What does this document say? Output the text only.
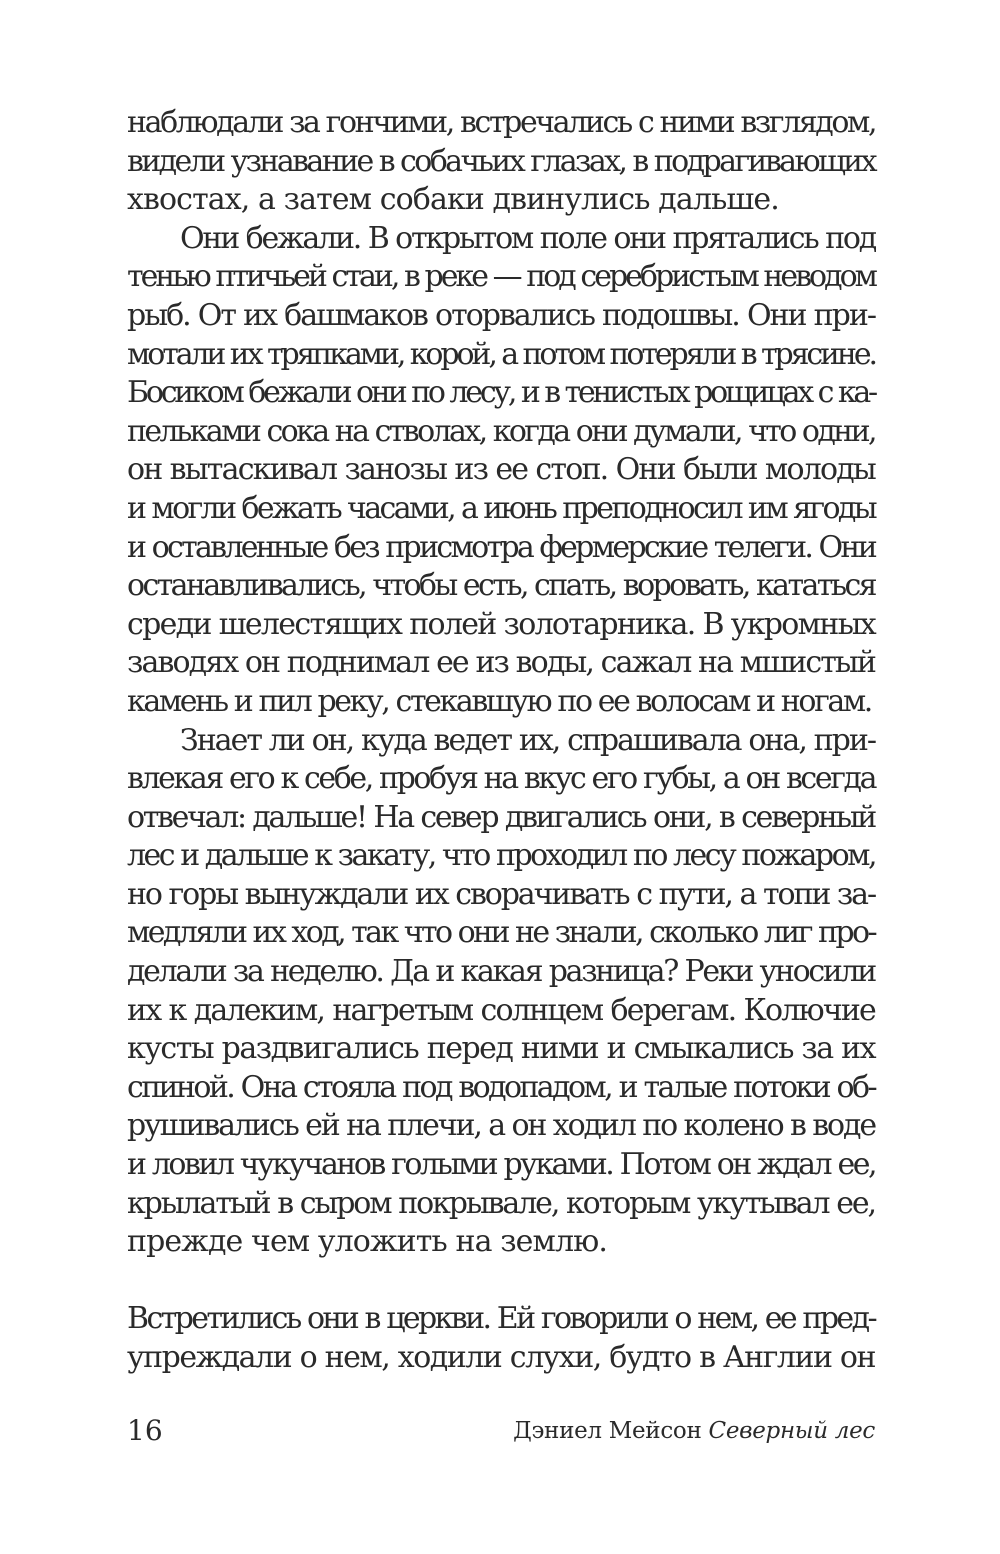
наблюдали за гончими, встречались с ними взглядом,
видели узнавание в собачьих глазах, в подрагивающих
хвостах, а затем собаки двинулись дальше.
Они бежали. В открытом поле они прятались под
тенью птичьей стаи, в реке — под серебристым неводом
рыб. От их башмаков оторвались подошвы. Они при-
мотали их тряпками, корой, а потом потеряли в трясине.
Босиком бежали они по лесу, и в тенистых рощицах с ка-
пельками сока на стволах, когда они думали, что одни,
он вытаскивал занозы из ее стоп. Они были молоды
и могли бежать часами, а июнь преподносил им ягоды
и оставленные без присмотра фермерские телеги. Они
останавливались, чтобы есть, спать, воровать, кататься
среди шелестящих полей золотарника. В укромных
заводях он поднимал ее из воды, сажал на мшистый
камень и пил реку, стекавшую по ее волосам и ногам.
Знает ли он, куда ведет их, спрашивала она, при-
влекая его к себе, пробуя на вкус его губы, а он всегда
отвечал: дальше! На север двигались они, в северный
лес и дальше к закату, что проходил по лесу пожаром,
но горы вынуждали их сворачивать с пути, а топи за-
медляли их ход, так что они не знали, сколько лиг про-
делали за неделю. Да и какая разница? Реки уносили
их к далеким, нагретым солнцем берегам. Колючие
кусты раздвигались перед ними и смыкались за их
спиной. Она стояла под водопадом, и талые потоки об-
рушивались ей на плечи, а он ходил по колено в воде
и ловил чукучанов голыми руками. Потом он ждал ее,
крылатый в сыром покрывале, которым укутывал ее,
прежде чем уложить на землю.
Встретились они в церкви. Ей говорили о нем, ее пред-
упреждали о нем, ходили слухи, будто в Англии он
16	Дэниел Мейсон Северный лес
